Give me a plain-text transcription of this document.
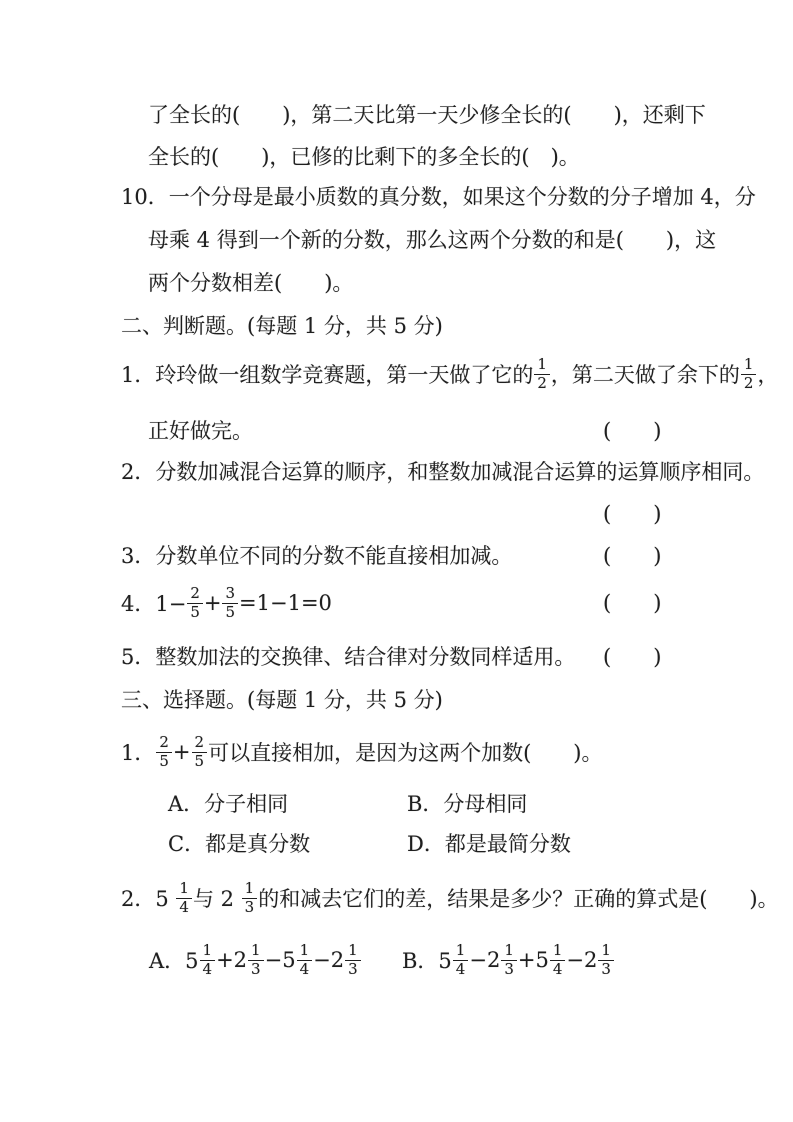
了全长的(　　)，第二天比第一天少修全长的(　　)，还剩下
全长的(　　)，已修的比剩下的多全长的(　)。
10．一个分母是最小质数的真分数，如果这个分数的分子增加 4，分
母乘 4 得到一个新的分数，那么这两个分数的和是(　　)，这
两个分数相差(　　)。
二、判断题。(每题 1 分，共 5 分)
1．玲玲做一组数学竞赛题，第一天做了它的 $\frac{1}{2}$ ，第二天做了余下的 $\frac{1}{2}$ ，
正好做完。	(　　)
2．分数加减混合运算的顺序，和整数加减混合运算的运算顺序相同。
(　　)
3．分数单位不同的分数不能直接相加减。	(　　)
4．$1- \frac{2}{5} + \frac{3}{5} =1-1=0$	(　　)
5．整数加法的交换律、结合律对分数同样适用。 (　　)
三、选择题。(每题 1 分，共 5 分)
1． $\frac{2}{5} + \frac{2}{5}$ 可以直接相加，是因为这两个加数(　　)。
A．分子相同	B．分母相同
C．都是真分数	D．都是最简分数
2．$5 \frac{1}{4}$ 与 $2 \frac{1}{3}$ 的和减去它们的差，结果是多少？正确的算式是(　　)。
A．$5 \frac{1}{4} +2 \frac{1}{3} -5 \frac{1}{4} -2 \frac{1}{3}$ B．$5 \frac{1}{4} -2 \frac{1}{3} +5 \frac{1}{4} -2 \frac{1}{3}$
